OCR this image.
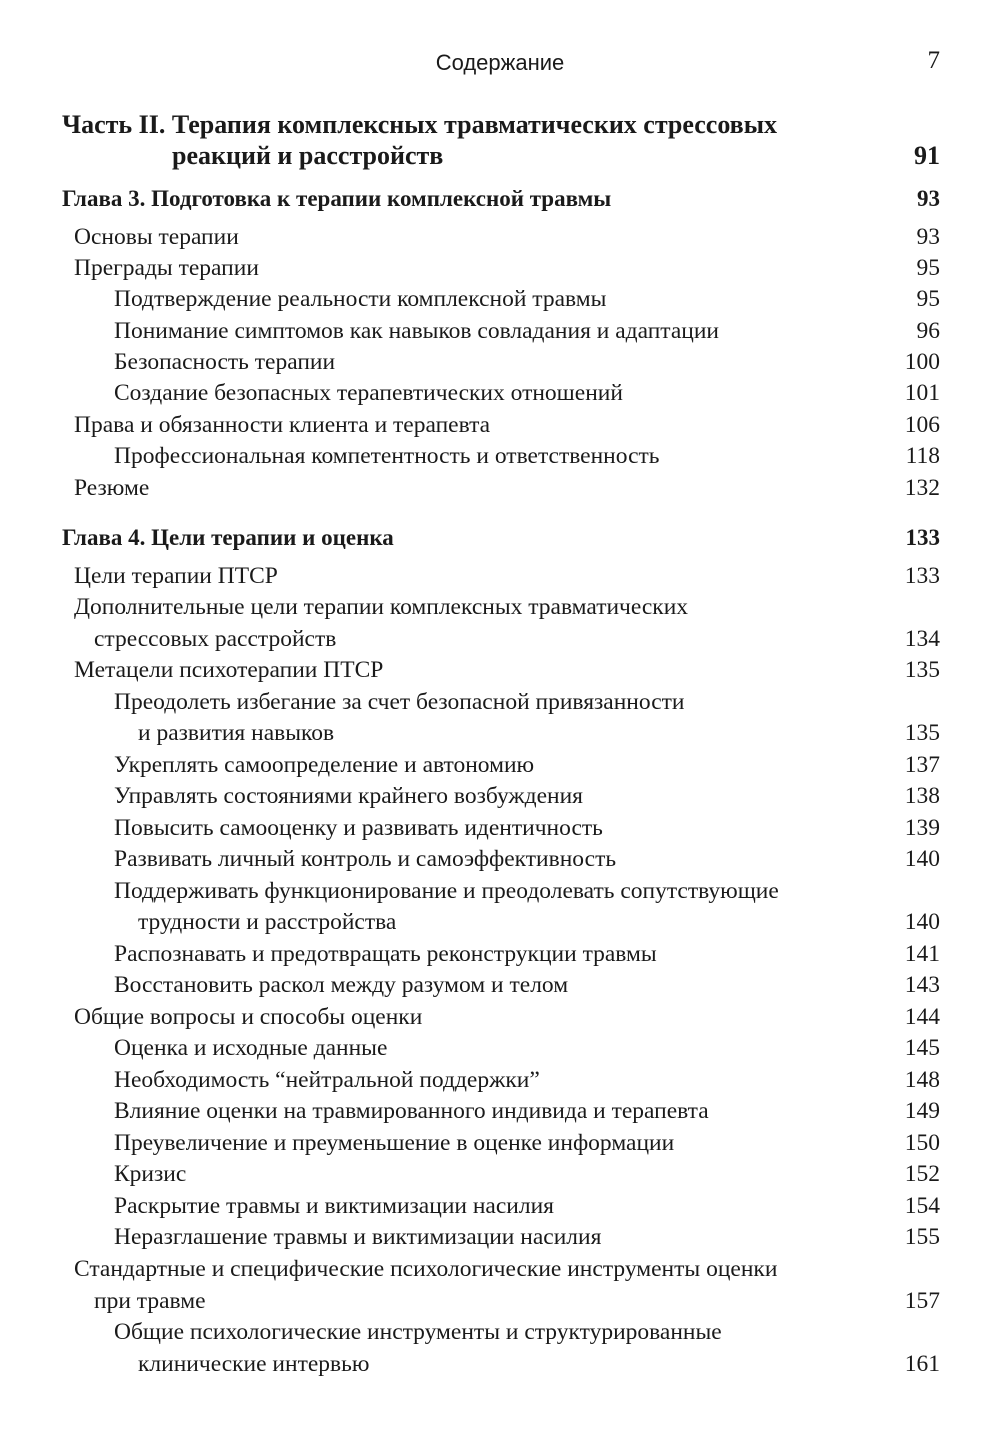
Содержание	7
Часть II. Терапия комплексных травматических стрессовых
реакций и расстройств	91
Глава 3. Подготовка к терапии комплексной травмы	93
Основы терапии	93
Преграды терапии	95
Подтверждение реальности комплексной травмы	95
Понимание симптомов как навыков совладания и адаптации	96
Безопасность терапии	100
Создание безопасных терапевтических отношений	101
Права и обязанности клиента и терапевта	106
Профессиональная компетентность и ответственность	118
Резюме	132
Глава 4. Цели терапии и оценка	133
Цели терапии ПТСР	133
Дополнительные цели терапии комплексных травматических
стрессовых расстройств	134
Метацели психотерапии ПТСР	135
Преодолеть избегание за счет безопасной привязанности
и развития навыков	135
Укреплять самоопределение и автономию	137
Управлять состояниями крайнего возбуждения	138
Повысить самооценку и развивать идентичность	139
Развивать личный контроль и самоэффективность	140
Поддерживать функционирование и преодолевать сопутствующие
трудности и расстройства	140
Распознавать и предотвращать реконструкции травмы	141
Восстановить раскол между разумом и телом	143
Общие вопросы и способы оценки	144
Оценка и исходные данные	145
Необходимость “нейтральной поддержки”	148
Влияние оценки на травмированного индивида и терапевта	149
Преувеличение и преуменьшение в оценке информации	150
Кризис	152
Раскрытие травмы и виктимизации насилия	154
Неразглашение травмы и виктимизации насилия	155
Стандартные и специфические психологические инструменты оценки
при травме	157
Общие психологические инструменты и структурированные
клинические интервью	161
